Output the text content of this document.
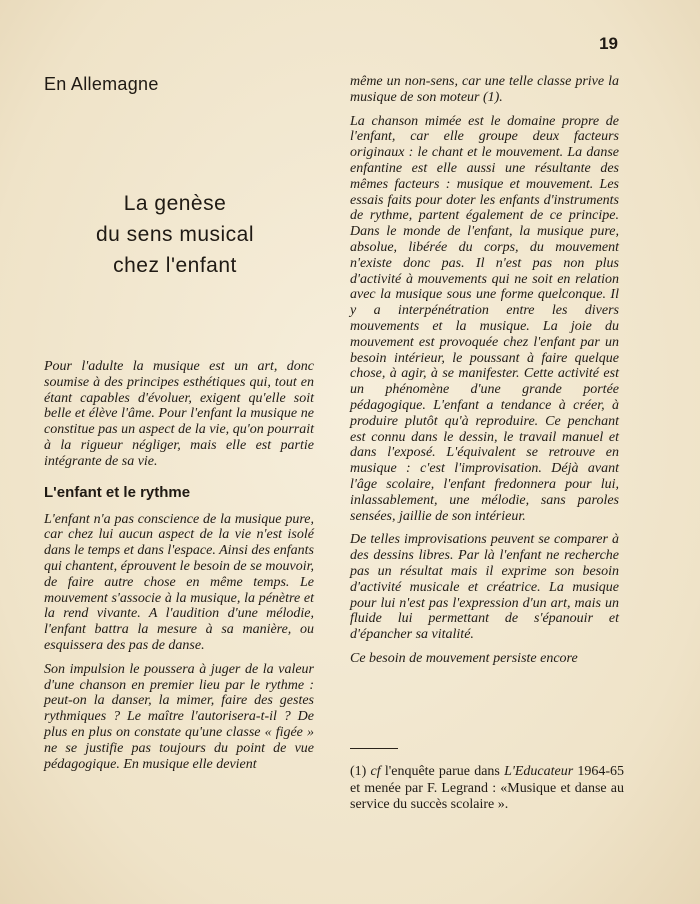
19
En Allemagne
La genèse
du sens musical
chez l'enfant

Pour l'adulte la musique est un art, donc soumise à des principes esthétiques qui, tout en étant capables d'évoluer, exigent qu'elle soit belle et élève l'âme. Pour l'enfant la musique ne constitue pas un aspect de la vie, qu'on pourrait à la rigueur négliger, mais elle est partie intégrante de sa vie.

L'enfant et le rythme

L'enfant n'a pas conscience de la musique pure, car chez lui aucun aspect de la vie n'est isolé dans le temps et dans l'espace. Ainsi des enfants qui chantent, éprouvent le besoin de se mouvoir, de faire autre chose en même temps. Le mouvement s'associe à la musique, la pénètre et la rend vivante. A l'audition d'une mélodie, l'enfant battra la mesure à sa manière, ou esquissera des pas de danse.

Son impulsion le poussera à juger de la valeur d'une chanson en premier lieu par le rythme : peut-on la danser, la mimer, faire des gestes rythmiques ? Le maître l'autorisera-t-il ? De plus en plus on constate qu'une classe « figée » ne se justifie pas toujours du point de vue pédagogique. En musique elle devient

même un non-sens, car une telle classe prive la musique de son moteur (1).

La chanson mimée est le domaine propre de l'enfant, car elle groupe deux facteurs originaux : le chant et le mouvement. La danse enfantine est elle aussi une résultante des mêmes facteurs : musique et mouvement. Les essais faits pour doter les enfants d'instruments de rythme, partent également de ce principe. Dans le monde de l'enfant, la musique pure, absolue, libérée du corps, du mouvement n'existe donc pas. Il n'est pas non plus d'activité à mouvements qui ne soit en relation avec la musique sous une forme quelconque. Il y a interpénétration entre les divers mouvements et la musique. La joie du mouvement est provoquée chez l'enfant par un besoin intérieur, le poussant à faire quelque chose, à agir, à se manifester. Cette activité est un phénomène d'une grande portée pédagogique. L'enfant a tendance à créer, à produire plutôt qu'à reproduire. Ce penchant est connu dans le dessin, le travail manuel et dans l'exposé. L'équivalent se retrouve en musique : c'est l'improvisation. Déjà avant l'âge scolaire, l'enfant fredonnera pour lui, inlassablement, une mélodie, sans paroles sensées, jaillie de son intérieur.

De telles improvisations peuvent se comparer à des dessins libres. Par là l'enfant ne recherche pas un résultat mais il exprime son besoin d'activité musicale et créatrice. La musique pour lui n'est pas l'expression d'un art, mais un fluide lui permettant de s'épanouir et d'épancher sa vitalité.

Ce besoin de mouvement persiste encore

(1) cf l'enquête parue dans L'Educateur 1964-65 et menée par F. Legrand : «Musique et danse au service du succès scolaire ».
